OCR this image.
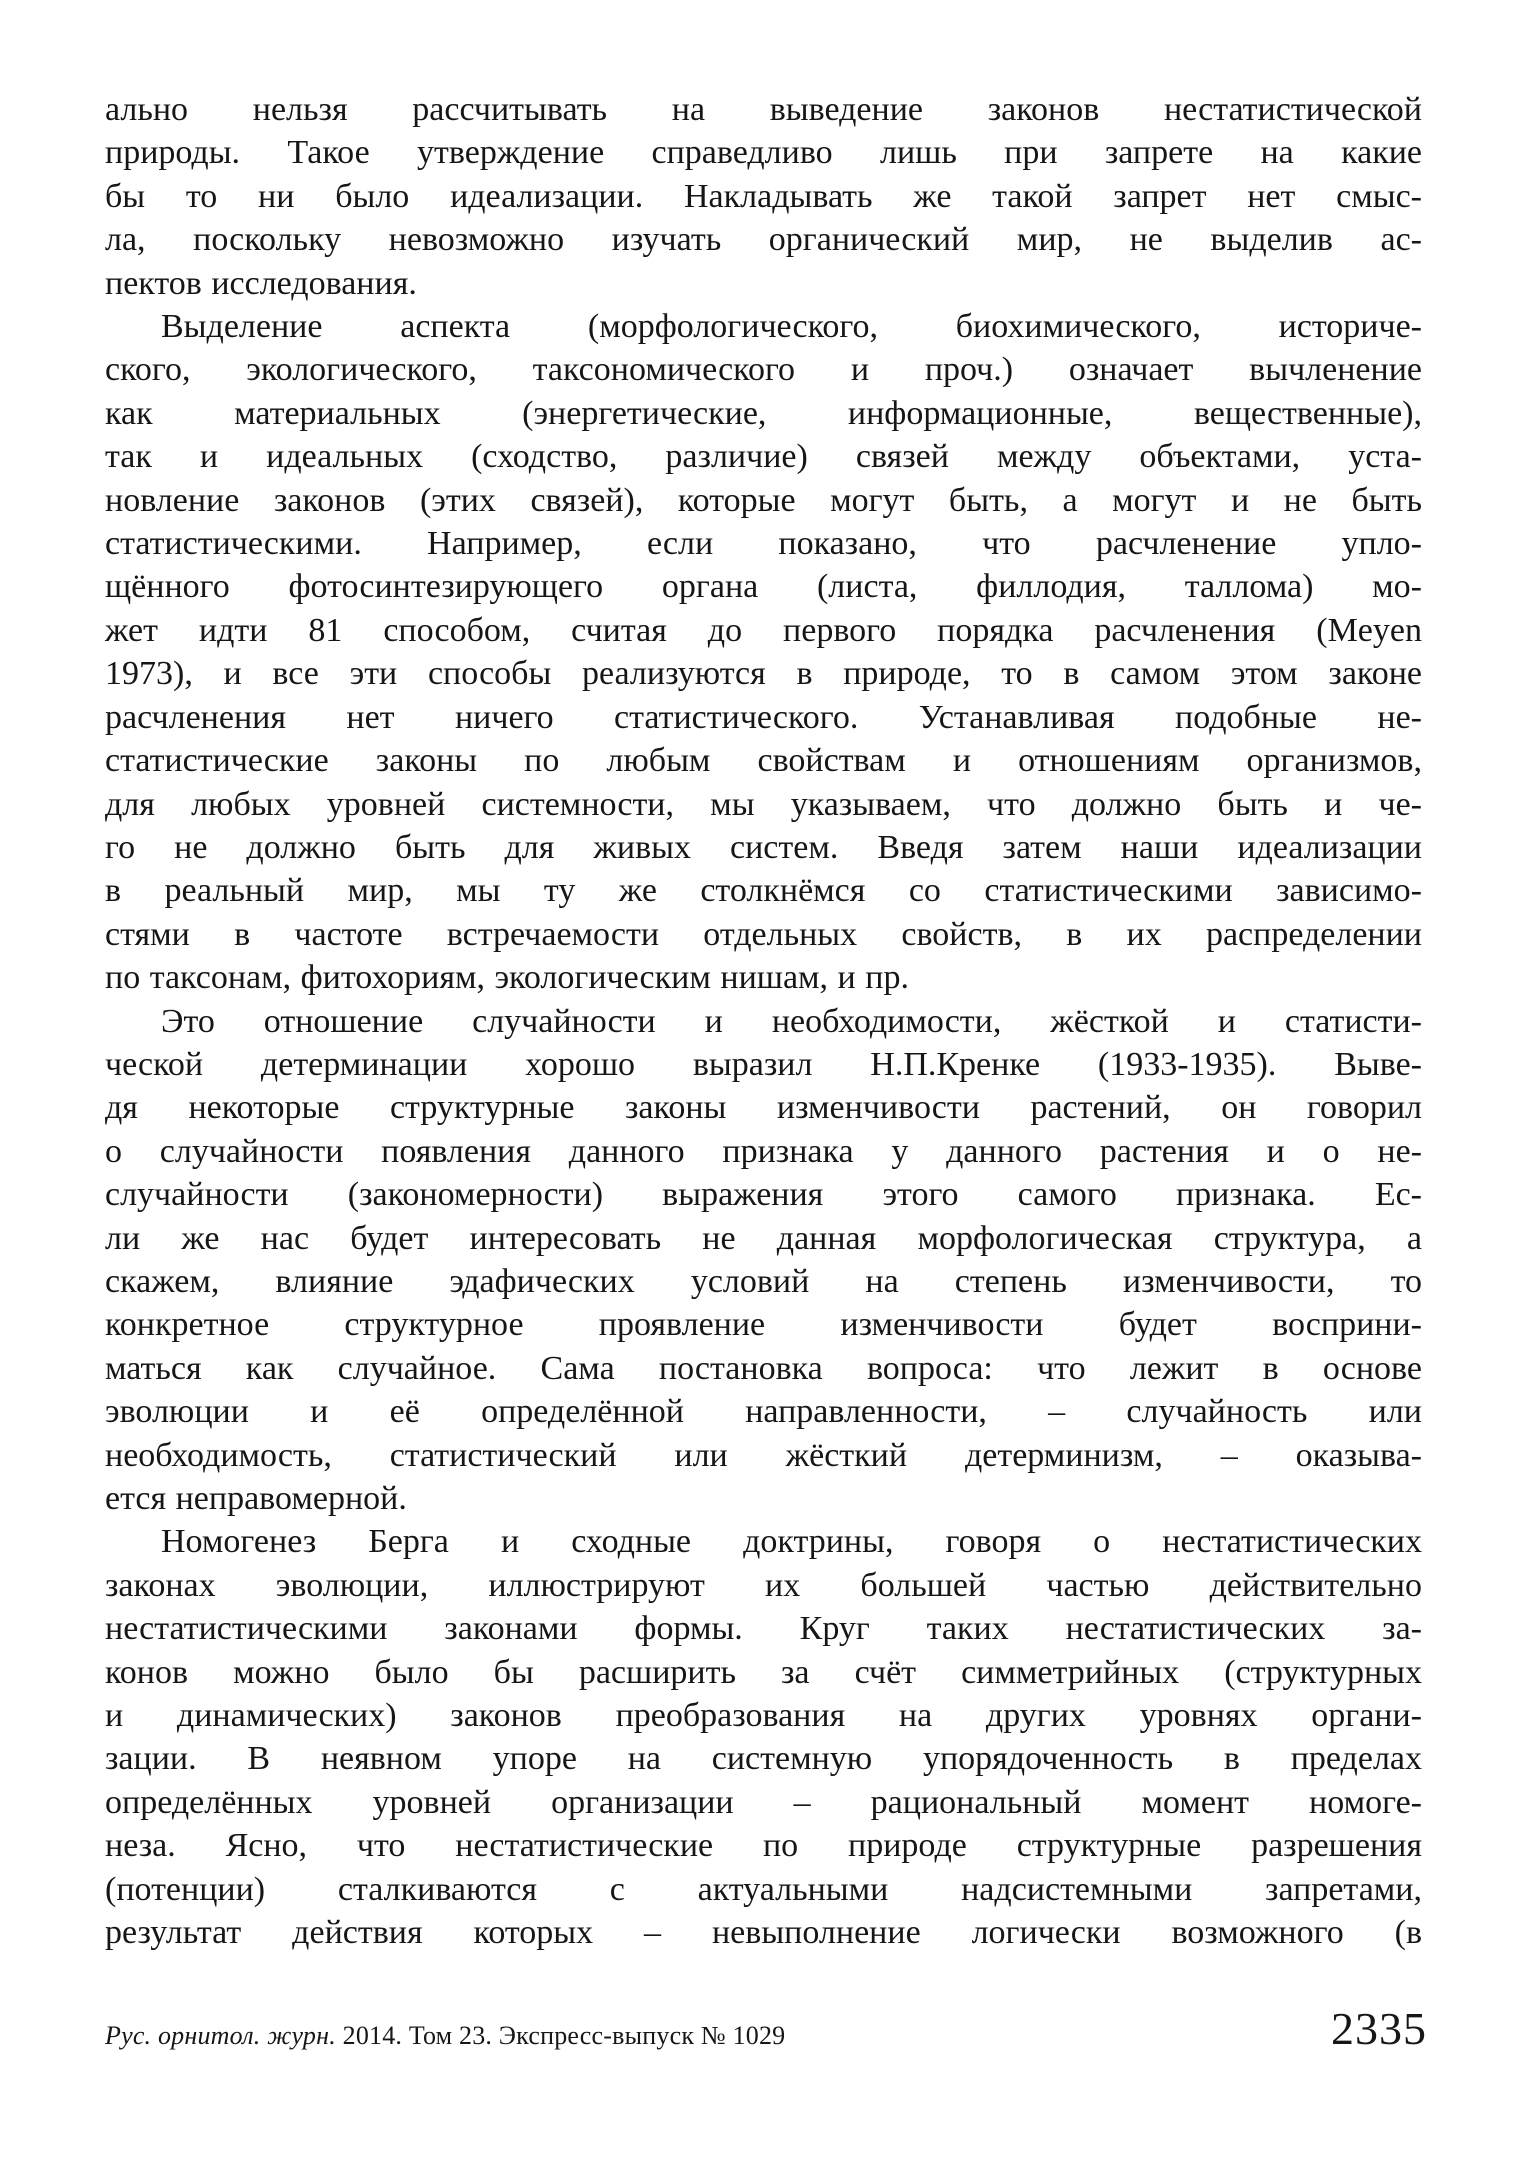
ально нельзя рассчитывать на выведение законов нестатистической
природы. Такое утверждение справедливо лишь при запрете на какие
бы то ни было идеализации. Накладывать же такой запрет нет смыс-
ла, поскольку невозможно изучать органический мир, не выделив ас-
пектов исследования.
Выделение аспекта (морфологического, биохимического, историче-
ского, экологического, таксономического и проч.) означает вычленение
как материальных (энергетические, информационные, вещественные),
так и идеальных (сходство, различие) связей между объектами, уста-
новление законов (этих связей), которые могут быть, а могут и не быть
статистическими. Например, если показано, что расчленение упло-
щённого фотосинтезирующего органа (листа, филлодия, таллома) мо-
жет идти 81 способом, считая до первого порядка расчленения (Meyen
1973), и все эти способы реализуются в природе, то в самом этом законе
расчленения нет ничего статистического. Устанавливая подобные не-
статистические законы по любым свойствам и отношениям организмов,
для любых уровней системности, мы указываем, что должно быть и че-
го не должно быть для живых систем. Введя затем наши идеализации
в реальный мир, мы ту же столкнёмся со статистическими зависимо-
стями в частоте встречаемости отдельных свойств, в их распределении
по таксонам, фитохориям, экологическим нишам, и пр.
Это отношение случайности и необходимости, жёсткой и статисти-
ческой детерминации хорошо выразил Н.П.Кренке (1933-1935). Выве-
дя некоторые структурные законы изменчивости растений, он говорил
о случайности появления данного признака у данного растения и о не-
случайности (закономерности) выражения этого самого признака. Ес-
ли же нас будет интересовать не данная морфологическая структура, а
скажем, влияние эдафических условий на степень изменчивости, то
конкретное структурное проявление изменчивости будет восприни-
маться как случайное. Сама постановка вопроса: что лежит в основе
эволюции и её определённой направленности, – случайность или
необходимость, статистический или жёсткий детерминизм, – оказыва-
ется неправомерной.
Номогенез Берга и сходные доктрины, говоря о нестатистических
законах эволюции, иллюстрируют их большей частью действительно
нестатистическими законами формы. Круг таких нестатистических за-
конов можно было бы расширить за счёт симметрийных (структурных
и динамических) законов преобразования на других уровнях органи-
зации. В неявном упоре на системную упорядоченность в пределах
определённых уровней организации – рациональный момент номоге-
неза. Ясно, что нестатистические по природе структурные разрешения
(потенции) сталкиваются с актуальными надсистемными запретами,
результат действия которых – невыполнение логически возможного (в
Рус. орнитол. журн. 2014. Том 23. Экспресс-выпуск № 1029	2335
